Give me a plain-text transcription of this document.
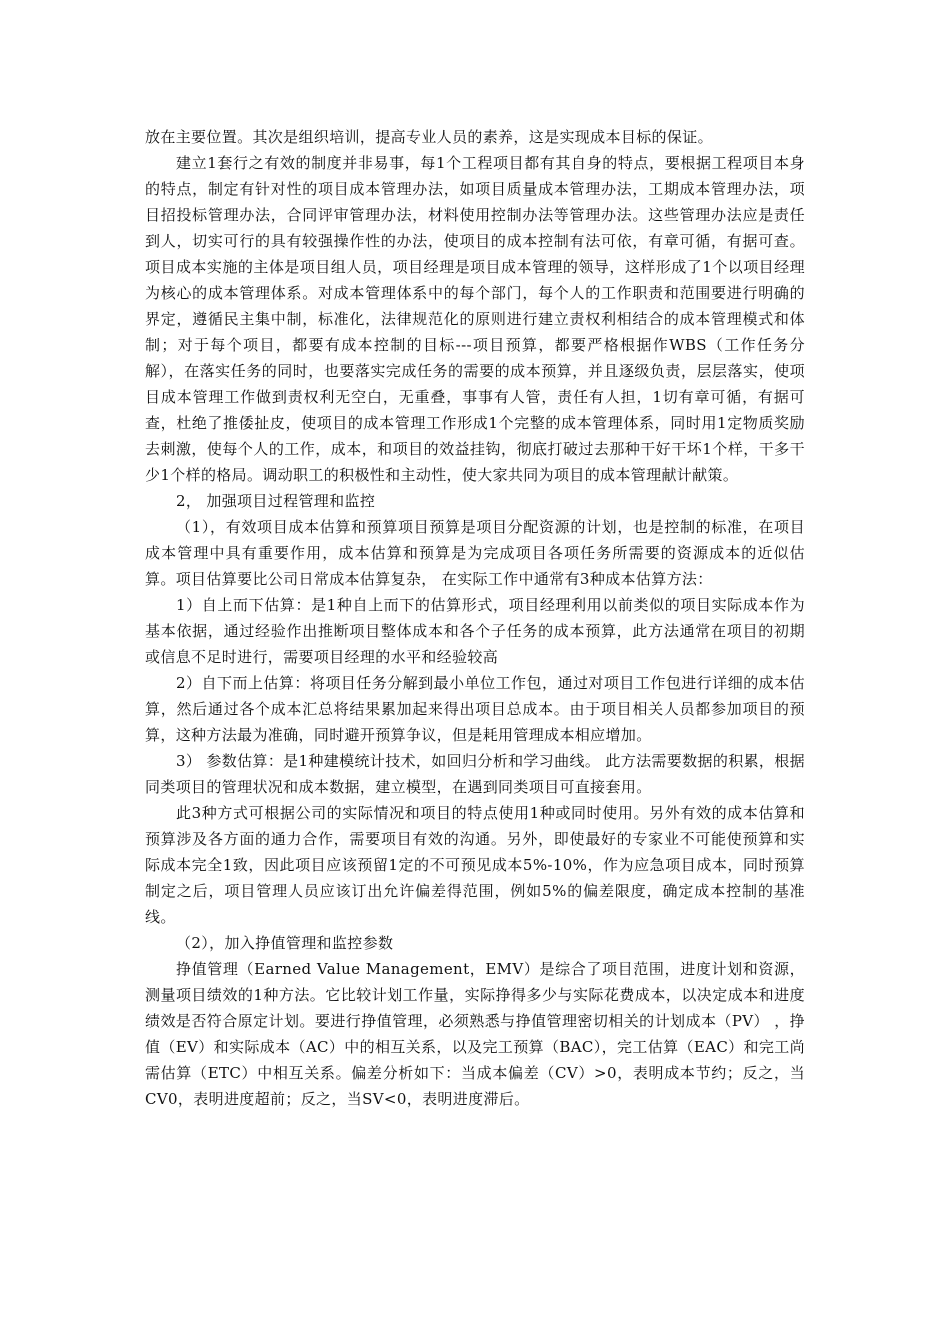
放在主要位置。其次是组织培训，提高专业人员的素养，这是实现成本目标的保证。

建立1套行之有效的制度并非易事，每1个工程项目都有其自身的特点，要根据工程项目本身的特点，制定有针对性的项目成本管理办法，如项目质量成本管理办法，工期成本管理办法，项目招投标管理办法，合同评审管理办法，材料使用控制办法等管理办法。这些管理办法应是责任到人，切实可行的具有较强操作性的办法，使项目的成本控制有法可依，有章可循，有据可查。项目成本实施的主体是项目组人员，项目经理是项目成本管理的领导，这样形成了1个以项目经理为核心的成本管理体系。对成本管理体系中的每个部门，每个人的工作职责和范围要进行明确的界定，遵循民主集中制，标准化，法律规范化的原则进行建立责权利相结合的成本管理模式和体制；对于每个项目，都要有成本控制的目标---项目预算，都要严格根据作WBS（工作任务分解），在落实任务的同时，也要落实完成任务的需要的成本预算，并且逐级负责，层层落实，使项目成本管理工作做到责权利无空白，无重叠，事事有人管，责任有人担，1切有章可循，有据可查，杜绝了推倭扯皮，使项目的成本管理工作形成1个完整的成本管理体系，同时用1定物质奖励去刺激，使每个人的工作，成本，和项目的效益挂钩，彻底打破过去那种干好干坏1个样，干多干少1个样的格局。调动职工的积极性和主动性，使大家共同为项目的成本管理献计献策。

2， 加强项目过程管理和监控

（1），有效项目成本估算和预算项目预算是项目分配资源的计划，也是控制的标准，在项目成本管理中具有重要作用，成本估算和预算是为完成项目各项任务所需要的资源成本的近似估算。项目估算要比公司日常成本估算复杂， 在实际工作中通常有3种成本估算方法：

1）自上而下估算：是1种自上而下的估算形式，项目经理利用以前类似的项目实际成本作为基本依据，通过经验作出推断项目整体成本和各个子任务的成本预算，此方法通常在项目的初期或信息不足时进行，需要项目经理的水平和经验较高

2）自下而上估算：将项目任务分解到最小单位工作包，通过对项目工作包进行详细的成本估算，然后通过各个成本汇总将结果累加起来得出项目总成本。由于项目相关人员都参加项目的预算，这种方法最为准确，同时避开预算争议，但是耗用管理成本相应增加。

3） 参数估算：是1种建模统计技术，如回归分析和学习曲线。 此方法需要数据的积累，根据同类项目的管理状况和成本数据，建立模型，在遇到同类项目可直接套用。

此3种方式可根据公司的实际情况和项目的特点使用1种或同时使用。另外有效的成本估算和预算涉及各方面的通力合作，需要项目有效的沟通。另外，即使最好的专家业不可能使预算和实际成本完全1致，因此项目应该预留1定的不可预见成本5%-10%，作为应急项目成本，同时预算制定之后，项目管理人员应该订出允许偏差得范围，例如5%的偏差限度，确定成本控制的基准线。

（2），加入挣值管理和监控参数

挣值管理（Earned Value Management，EMV）是综合了项目范围，进度计划和资源，测量项目绩效的1种方法。它比较计划工作量，实际挣得多少与实际花费成本，以决定成本和进度绩效是否符合原定计划。要进行挣值管理，必须熟悉与挣值管理密切相关的计划成本（PV） ，挣值（EV）和实际成本（AC）中的相互关系，以及完工预算（BAC），完工估算（EAC）和完工尚需估算（ETC）中相互关系。偏差分析如下：当成本偏差（CV）>0，表明成本节约；反之，当CV0，表明进度超前；反之，当SV<0，表明进度滞后。
